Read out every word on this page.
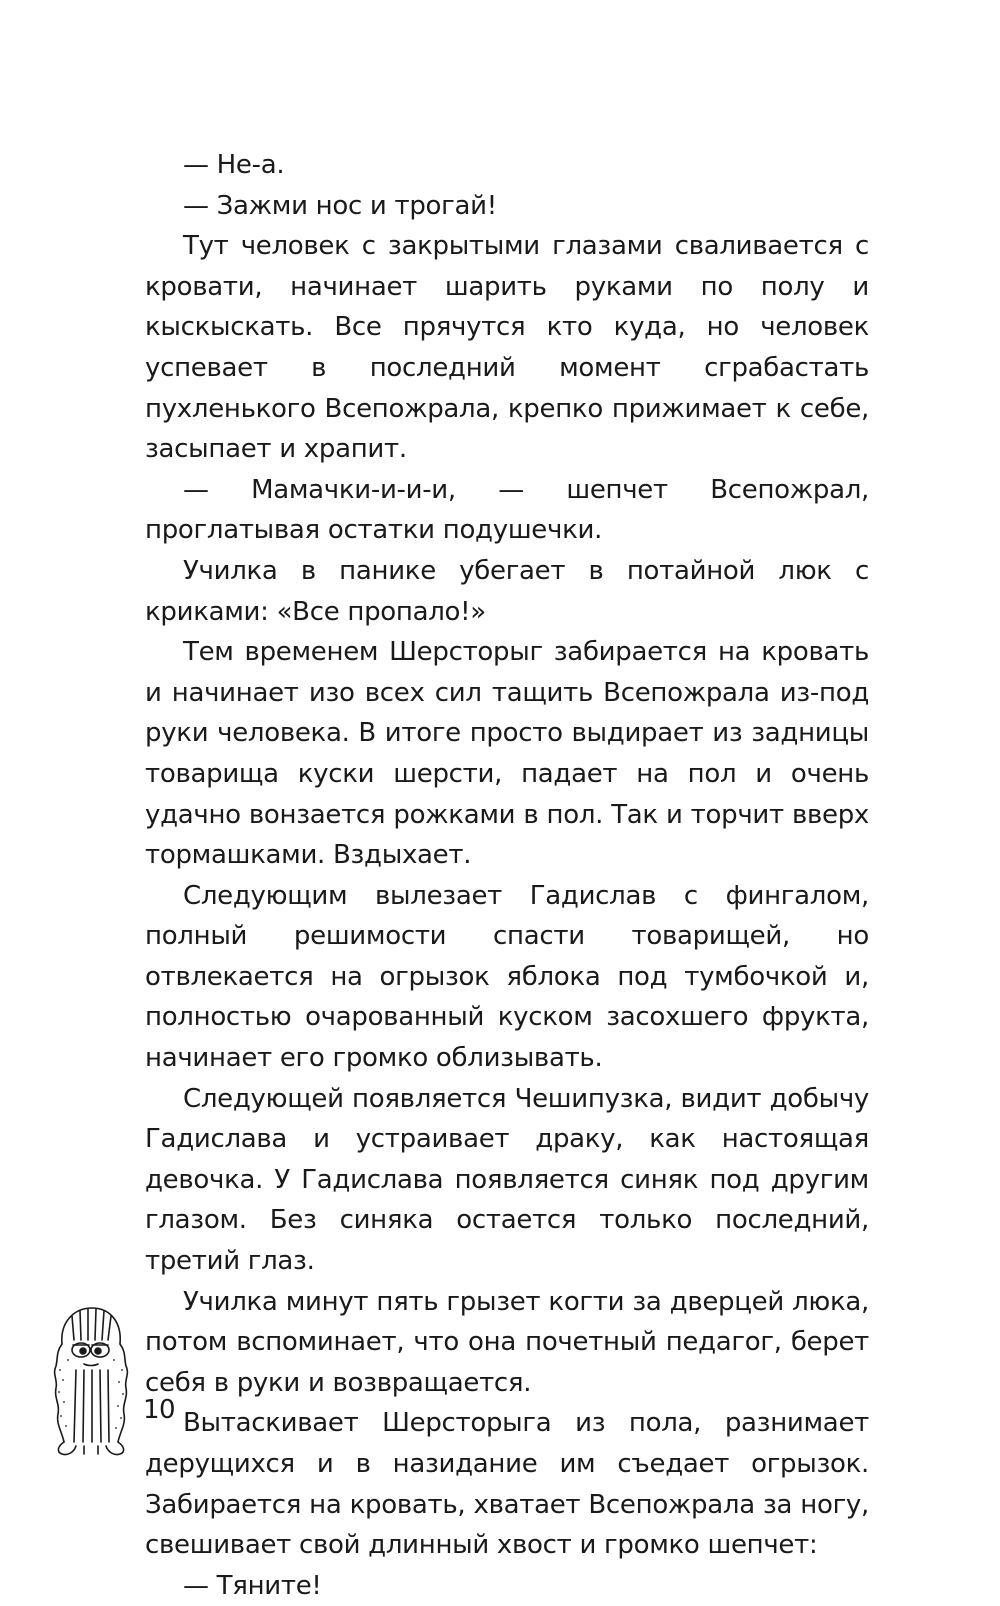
— Не-а.

— Зажми нос и трогай!

Тут человек с закрытыми глазами сваливается с кровати, начинает шарить руками по полу и кыскыскать. Все прячутся кто куда, но человек успевает в последний момент сграбастать пухленького Всепожрала, крепко прижимает к себе, засыпает и храпит.

— Мамачки-и-и-и, — шепчет Всепожрал, проглатывая остатки подушечки.

Училка в панике убегает в потайной люк с криками: «Все пропало!»

Тем временем Шерсторыг забирается на кровать и начинает изо всех сил тащить Всепожрала из-под руки человека. В итоге просто выдирает из задницы товарища куски шерсти, падает на пол и очень удачно вонзается рожками в пол. Так и торчит вверх тормашками. Вздыхает.

Следующим вылезает Гадислав с фингалом, полный решимости спасти товарищей, но отвлекается на огрызок яблока под тумбочкой и, полностью очарованный куском засохшего фрукта, начинает его громко облизывать.

Следующей появляется Чешипузка, видит добычу Гадислава и устраивает драку, как настоящая девочка. У Гадислава появляется синяк под другим глазом. Без синяка остается только последний, третий глаз.

Училка минут пять грызет когти за дверцей люка, потом вспоминает, что она почетный педагог, берет себя в руки и возвращается.

Вытаскивает Шерсторыга из пола, разнимает дерущихся и в назидание им съедает огрызок. Забирается на кровать, хватает Всепожрала за ногу, свешивает свой длинный хвост и громко шепчет:

— Тяните!

10
